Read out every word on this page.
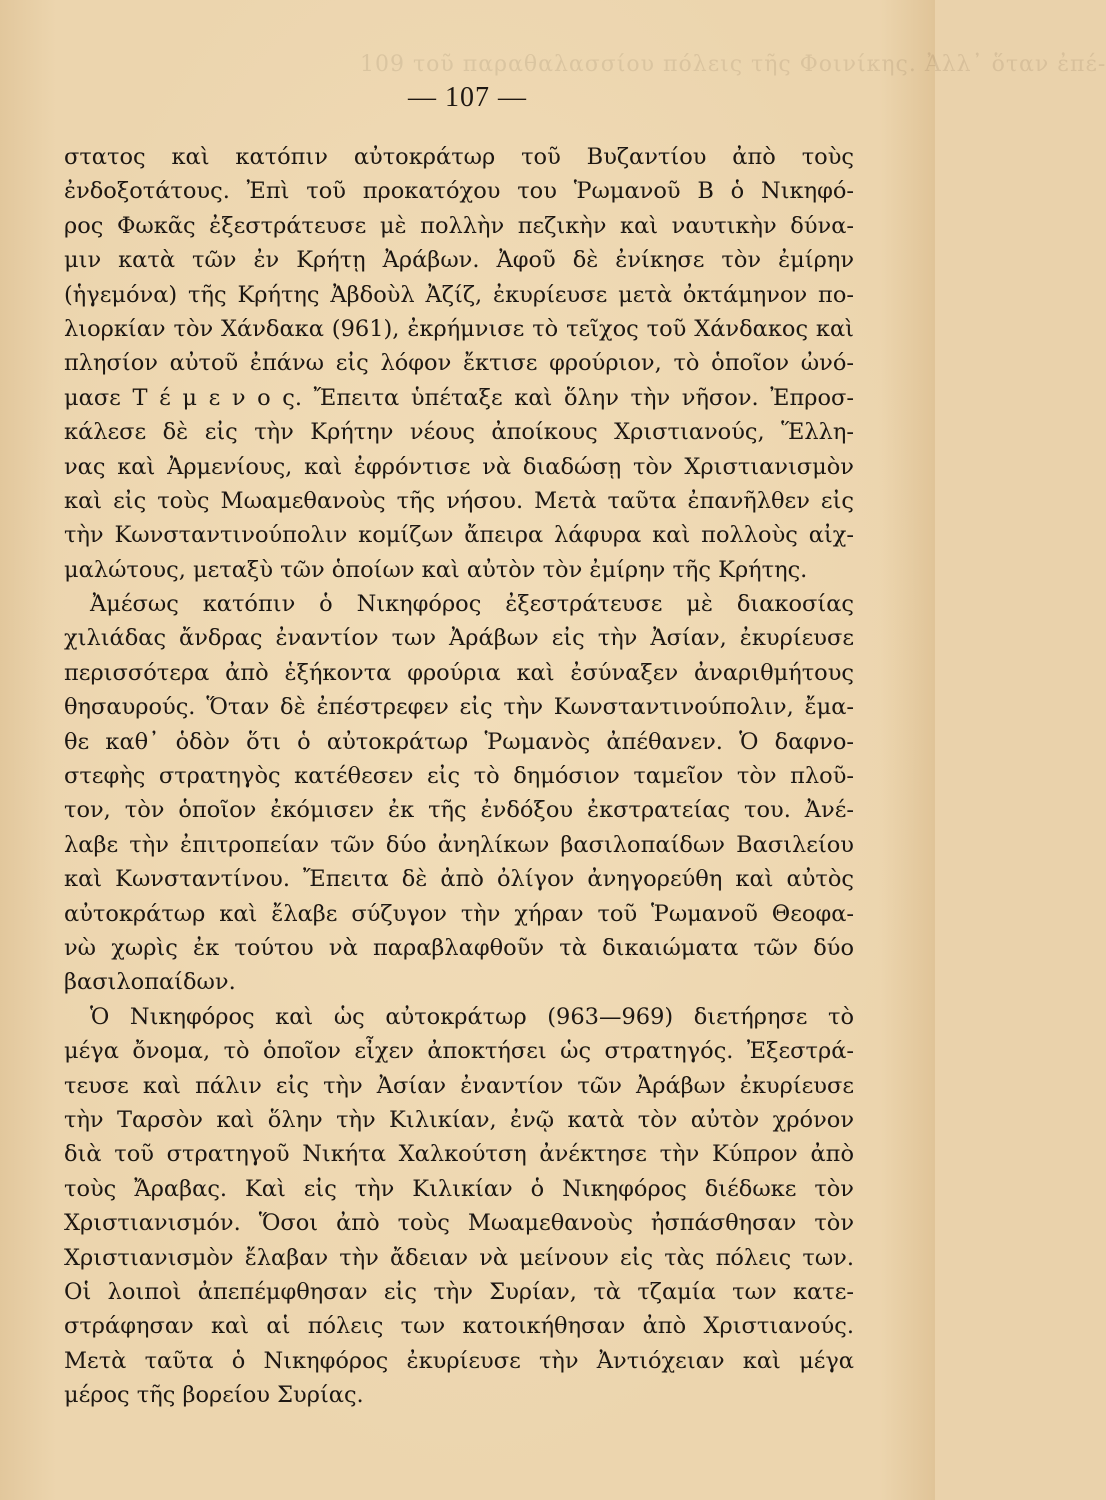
109 τοῦ παραθαλασσίου πόλεις τῆς Φοινίκης. Ἀλλ᾽ ὅταν ἐπέ-
— 107 —
στατος καὶ κατόπιν αὐτοκράτωρ τοῦ Βυζαντίου ἀπὸ τοὺς
ἐνδοξοτάτους. Ἐπὶ τοῦ προκατόχου του Ῥωμανοῦ Β ὁ Νικηφό-
ρος Φωκᾶς ἐξεστράτευσε μὲ πολλὴν πεζικὴν καὶ ναυτικὴν δύνα-
μιν κατὰ τῶν ἐν Κρήτῃ Ἀράβων. Ἀφοῦ δὲ ἐνίκησε τὸν ἐμίρην
(ἡγεμόνα) τῆς Κρήτης Ἀβδοὺλ Ἀζίζ, ἐκυρίευσε μετὰ ὀκτάμηνον πο-
λιορκίαν τὸν Χάνδακα (961), ἐκρήμνισε τὸ τεῖχος τοῦ Χάνδακος καὶ
πλησίον αὐτοῦ ἐπάνω εἰς λόφον ἔκτισε φρούριον, τὸ ὁποῖον ὠνό-
μασε Τ έ μ ε ν ο ς. Ἔπειτα ὑπέταξε καὶ ὅλην τὴν νῆσον. Ἐπροσ-
κάλεσε δὲ εἰς τὴν Κρήτην νέους ἀποίκους Χριστιανούς, Ἕλλη-
νας καὶ Ἀρμενίους, καὶ ἐφρόντισε νὰ διαδώσῃ τὸν Χριστιανισμὸν
καὶ εἰς τοὺς Μωαμεθανοὺς τῆς νήσου. Μετὰ ταῦτα ἐπανῆλθεν εἰς
τὴν Κωνσταντινούπολιν κομίζων ἄπειρα λάφυρα καὶ πολλοὺς αἰχ-
μαλώτους, μεταξὺ τῶν ὁποίων καὶ αὐτὸν τὸν ἐμίρην τῆς Κρήτης.
Ἀμέσως κατόπιν ὁ Νικηφόρος ἐξεστράτευσε μὲ διακοσίας
χιλιάδας ἄνδρας ἐναντίον των Ἀράβων εἰς τὴν Ἀσίαν, ἐκυρίευσε
περισσότερα ἀπὸ ἑξήκοντα φρούρια καὶ ἐσύναξεν ἀναριθμήτους
θησαυρούς. Ὅταν δὲ ἐπέστρεφεν εἰς τὴν Κωνσταντινούπολιν, ἔμα-
θε καθ᾽ ὁδὸν ὅτι ὁ αὐτοκράτωρ Ῥωμανὸς ἀπέθανεν. Ὁ δαφνο-
στεφὴς στρατηγὸς κατέθεσεν εἰς τὸ δημόσιον ταμεῖον τὸν πλοῦ-
τον, τὸν ὁποῖον ἐκόμισεν ἐκ τῆς ἐνδόξου ἐκστρατείας του. Ἀνέ-
λαβε τὴν ἐπιτροπείαν τῶν δύο ἀνηλίκων βασιλοπαίδων Βασιλείου
καὶ Κωνσταντίνου. Ἔπειτα δὲ ἀπὸ ὀλίγον ἀνηγορεύθη καὶ αὐτὸς
αὐτοκράτωρ καὶ ἔλαβε σύζυγον τὴν χήραν τοῦ Ῥωμανοῦ Θεοφα-
νὼ χωρὶς ἐκ τούτου νὰ παραβλαφθοῦν τὰ δικαιώματα τῶν δύο
βασιλοπαίδων.
Ὁ Νικηφόρος καὶ ὡς αὐτοκράτωρ (963—969) διετήρησε τὸ
μέγα ὄνομα, τὸ ὁποῖον εἶχεν ἀποκτήσει ὡς στρατηγός. Ἐξεστρά-
τευσε καὶ πάλιν εἰς τὴν Ἀσίαν ἐναντίον τῶν Ἀράβων ἐκυρίευσε
τὴν Ταρσὸν καὶ ὅλην τὴν Κιλικίαν, ἐνῷ κατὰ τὸν αὐτὸν χρόνον
διὰ τοῦ στρατηγοῦ Νικήτα Χαλκούτση ἀνέκτησε τὴν Κύπρον ἀπὸ
τοὺς Ἄραβας. Καὶ εἰς τὴν Κιλικίαν ὁ Νικηφόρος διέδωκε τὸν
Χριστιανισμόν. Ὅσοι ἀπὸ τοὺς Μωαμεθανοὺς ἠσπάσθησαν τὸν
Χριστιανισμὸν ἔλαβαν τὴν ἄδειαν νὰ μείνουν εἰς τὰς πόλεις των.
Οἱ λοιποὶ ἀπεπέμφθησαν εἰς τὴν Συρίαν, τὰ τζαμία των κατε-
στράφησαν καὶ αἱ πόλεις των κατοικήθησαν ἀπὸ Χριστιανούς.
Μετὰ ταῦτα ὁ Νικηφόρος ἐκυρίευσε τὴν Ἀντιόχειαν καὶ μέγα
μέρος τῆς βορείου Συρίας.
